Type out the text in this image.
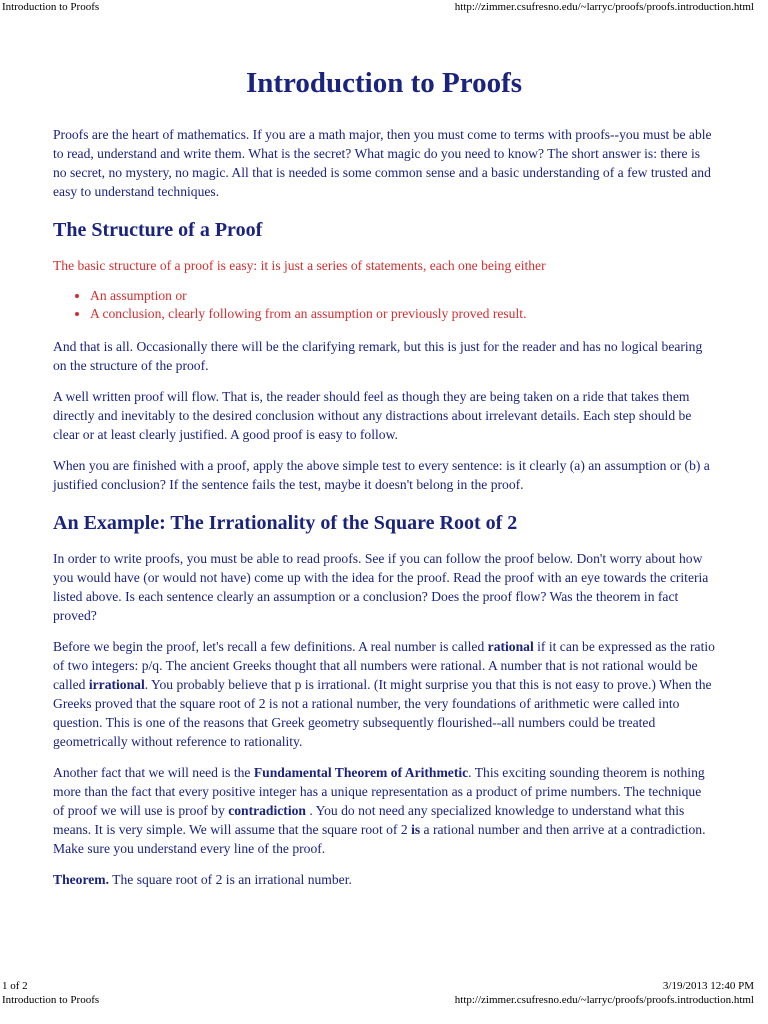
Introduction to Proofs	http://zimmer.csufresno.edu/~larryc/proofs/proofs.introduction.html
Introduction to Proofs

Proofs are the heart of mathematics. If you are a math major, then you must come to terms with proofs--you must be able to read, understand and write them. What is the secret? What magic do you need to know? The short answer is: there is no secret, no mystery, no magic. All that is needed is some common sense and a basic understanding of a few trusted and easy to understand techniques.

The Structure of a Proof

The basic structure of a proof is easy: it is just a series of statements, each one being either

• An assumption or
• A conclusion, clearly following from an assumption or previously proved result.

And that is all. Occasionally there will be the clarifying remark, but this is just for the reader and has no logical bearing on the structure of the proof.

A well written proof will flow. That is, the reader should feel as though they are being taken on a ride that takes them directly and inevitably to the desired conclusion without any distractions about irrelevant details. Each step should be clear or at least clearly justified. A good proof is easy to follow.

When you are finished with a proof, apply the above simple test to every sentence: is it clearly (a) an assumption or (b) a justified conclusion? If the sentence fails the test, maybe it doesn't belong in the proof.

An Example: The Irrationality of the Square Root of 2

In order to write proofs, you must be able to read proofs. See if you can follow the proof below. Don't worry about how you would have (or would not have) come up with the idea for the proof. Read the proof with an eye towards the criteria listed above. Is each sentence clearly an assumption or a conclusion? Does the proof flow? Was the theorem in fact proved?

Before we begin the proof, let's recall a few definitions. A real number is called rational if it can be expressed as the ratio of two integers: p/q. The ancient Greeks thought that all numbers were rational. A number that is not rational would be called irrational. You probably believe that p is irrational. (It might surprise you that this is not easy to prove.) When the Greeks proved that the square root of 2 is not a rational number, the very foundations of arithmetic were called into question. This is one of the reasons that Greek geometry subsequently flourished--all numbers could be treated geometrically without reference to rationality.

Another fact that we will need is the Fundamental Theorem of Arithmetic. This exciting sounding theorem is nothing more than the fact that every positive integer has a unique representation as a product of prime numbers. The technique of proof we will use is proof by contradiction . You do not need any specialized knowledge to understand what this means. It is very simple. We will assume that the square root of 2 is a rational number and then arrive at a contradiction. Make sure you understand every line of the proof.

Theorem. The square root of 2 is an irrational number.

1 of 2	3/19/2013 12:40 PM
Introduction to Proofs	http://zimmer.csufresno.edu/~larryc/proofs/proofs.introduction.html
